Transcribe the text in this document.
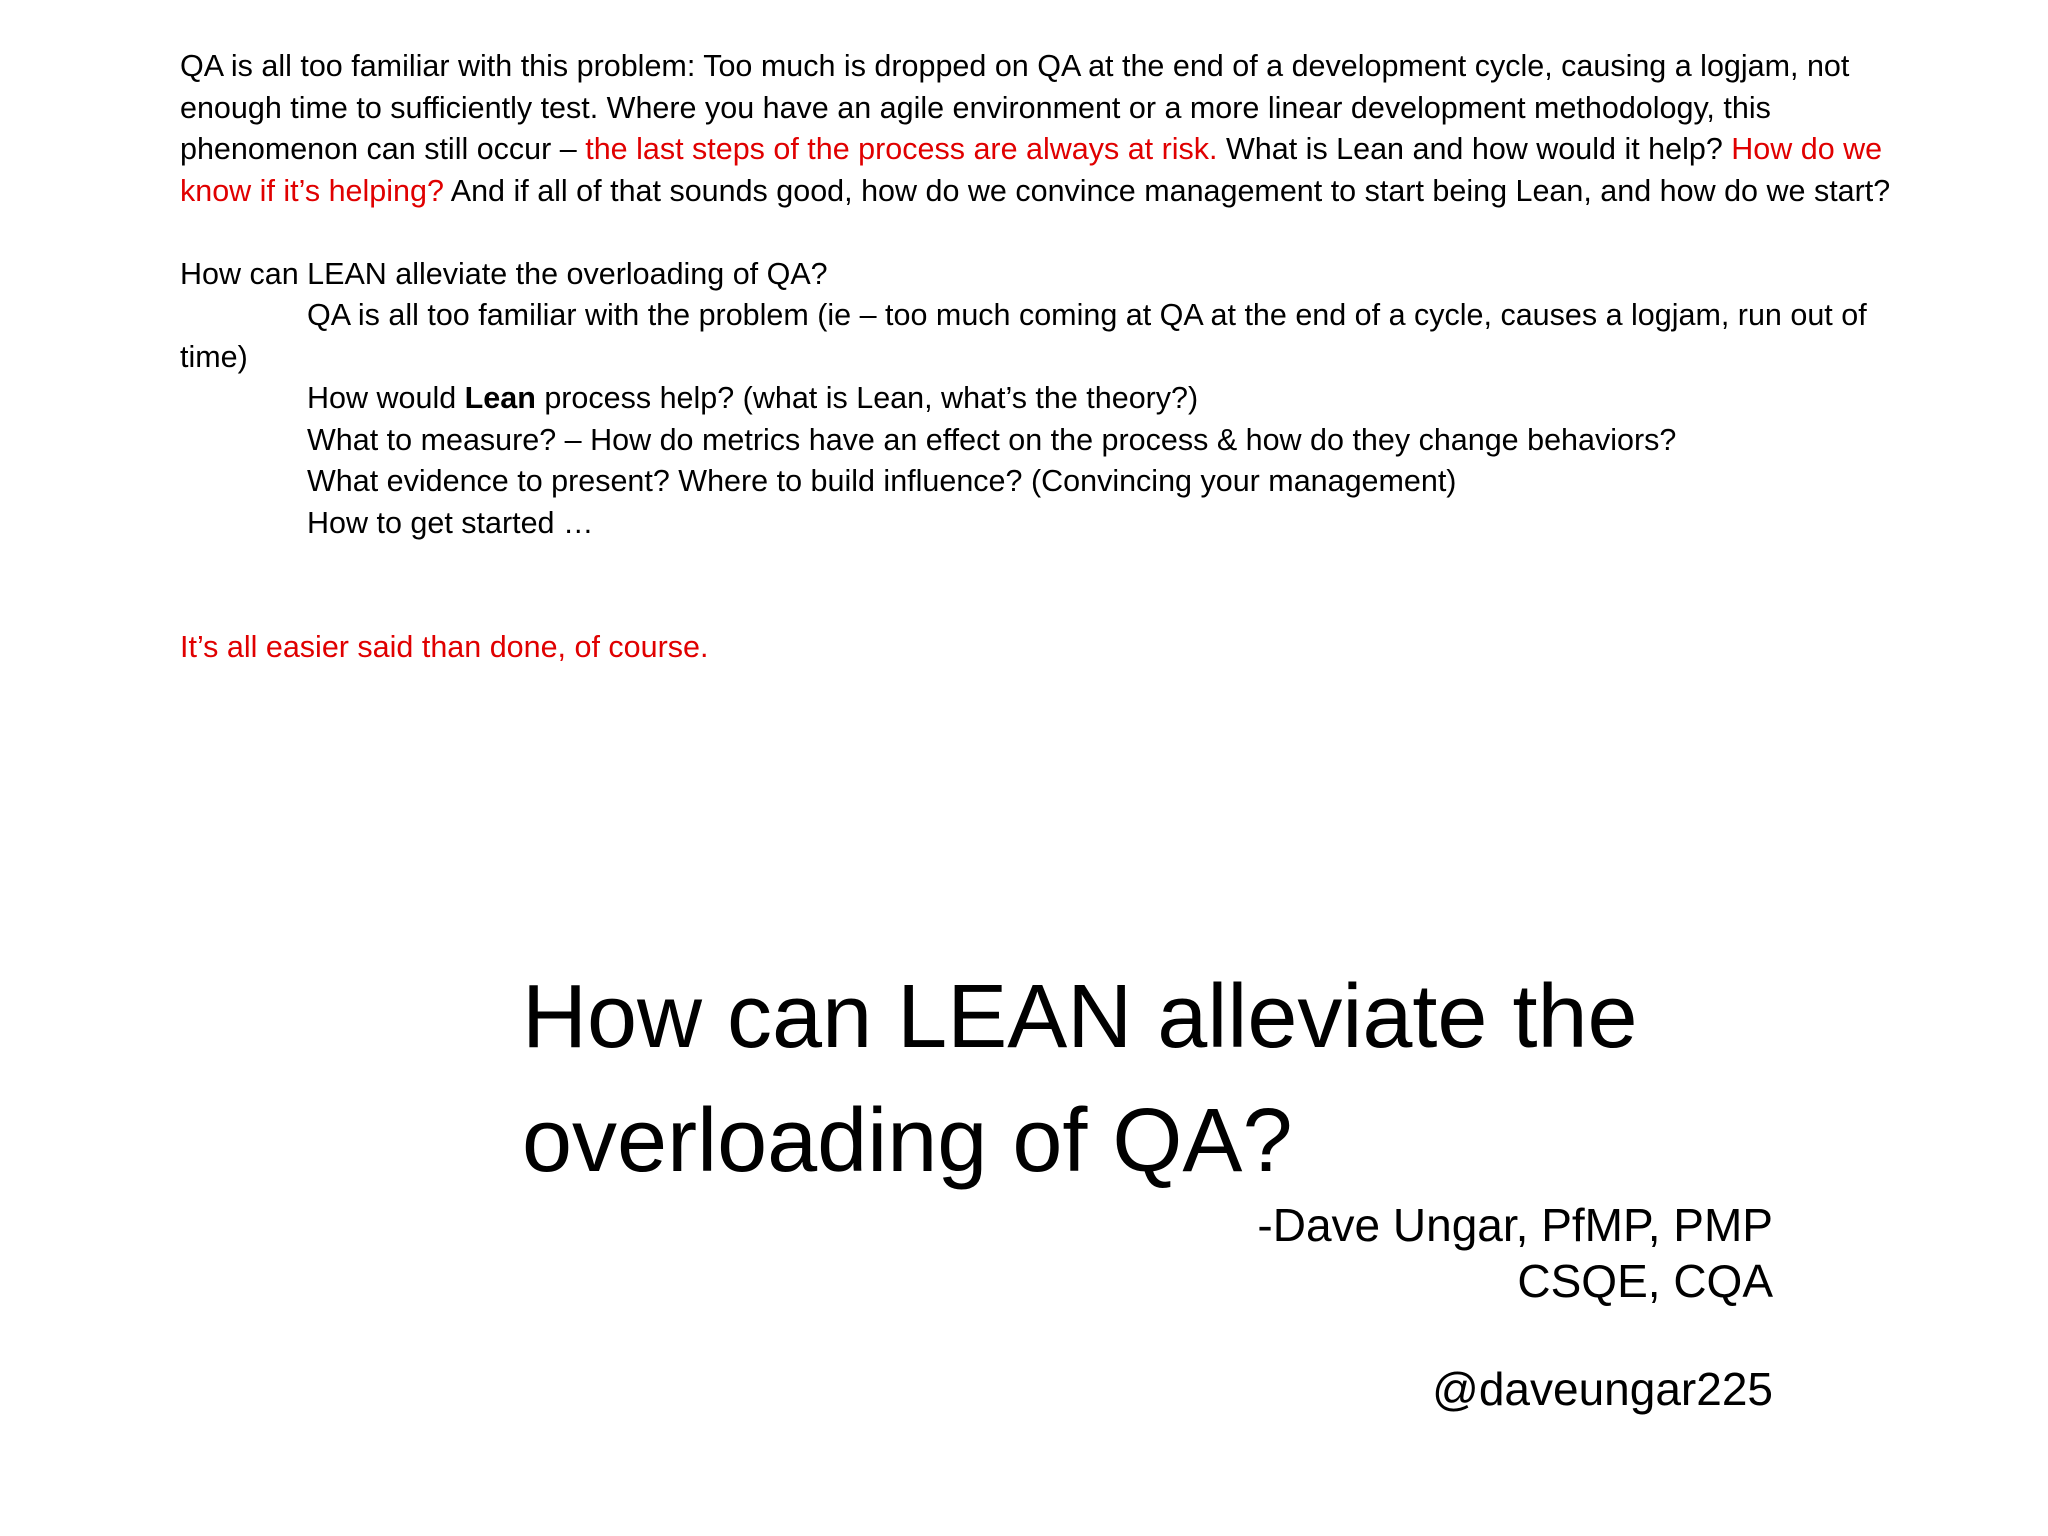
QA is all too familiar with this problem: Too much is dropped on QA at the end of a development cycle, causing a logjam, not enough time to sufficiently test. Where you have an agile environment or a more linear development methodology, this phenomenon can still occur – the last steps of the process are always at risk. What is Lean and how would it help? How do we know if it’s helping? And if all of that sounds good, how do we convince management to start being Lean, and how do we start?

How can LEAN alleviate the overloading of QA?

QA is all too familiar with the problem (ie – too much coming at QA at the end of a cycle, causes a logjam, run out of time)

How would Lean process help? (what is Lean, what’s the theory?)

What to measure? – How do metrics have an effect on the process & how do they change behaviors?

What evidence to present? Where to build influence? (Convincing your management)

How to get started …

It’s all easier said than done, of course.

How can LEAN alleviate the
overloading of QA?

-Dave Ungar, PfMP, PMP

CSQE, CQA

@daveungar225
